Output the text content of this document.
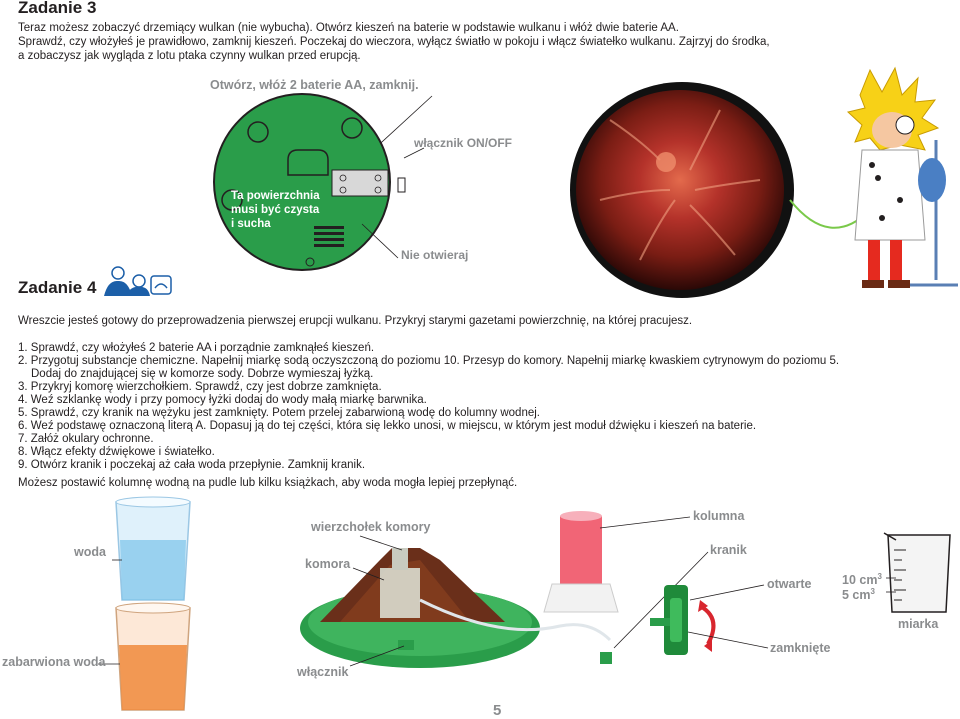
Zadanie 3
Teraz możesz zobaczyć drzemiący wulkan (nie wybucha). Otwórz kieszeń na baterie w podstawie wulkanu i włóż dwie baterie AA.
Sprawdź, czy włożyłeś je prawidłowo, zamknij kieszeń. Poczekaj do wieczora, wyłącz światło w pokoju i włącz światełko wulkanu. Zajrzyj do środka,
a zobaczysz jak wygląda z lotu ptaka czynny wulkan przed erupcją.
Otwórz, włóż 2 baterie AA, zamknij.
włącznik ON/OFF
Ta powierzchnia
musi być czysta
i sucha
Nie otwieraj
Zadanie 4
Wreszcie jesteś gotowy do przeprowadzenia pierwszej erupcji wulkanu. Przykryj starymi gazetami powierzchnię, na której pracujesz.
1. Sprawdź, czy włożyłeś 2 baterie AA i porządnie zamknąłeś kieszeń.
2. Przygotuj substancje chemiczne. Napełnij miarkę sodą oczyszczoną do poziomu 10. Przesyp do komory. Napełnij miarkę kwaskiem cytrynowym do poziomu 5.
Dodaj do znajdującej się w komorze sody. Dobrze wymieszaj łyżką.
3. Przykryj komorę wierzchołkiem. Sprawdź, czy jest dobrze zamknięta.
4. Weź szklankę wody i przy pomocy łyżki dodaj do wody małą miarkę barwnika.
5. Sprawdź, czy kranik na wężyku jest zamknięty. Potem przelej zabarwioną wodę do kolumny wodnej.
6. Weź podstawę oznaczoną literą A. Dopasuj ją do tej części, która się lekko unosi, w miejscu, w którym jest moduł dźwięku i kieszeń na baterie.
7. Załóż okulary ochronne.
8. Włącz efekty dźwiękowe i światełko.
9. Otwórz kranik i poczekaj aż cała woda przepłynie. Zamknij kranik.
Możesz postawić kolumnę wodną na pudle lub kilku książkach, aby woda mogła lepiej przepłynąć.
woda
zabarwiona woda
wierzchołek komory
komora
włącznik
kolumna
kranik
otwarte
zamknięte
10 $cm^3$
5 $cm^3$
miarka
5
